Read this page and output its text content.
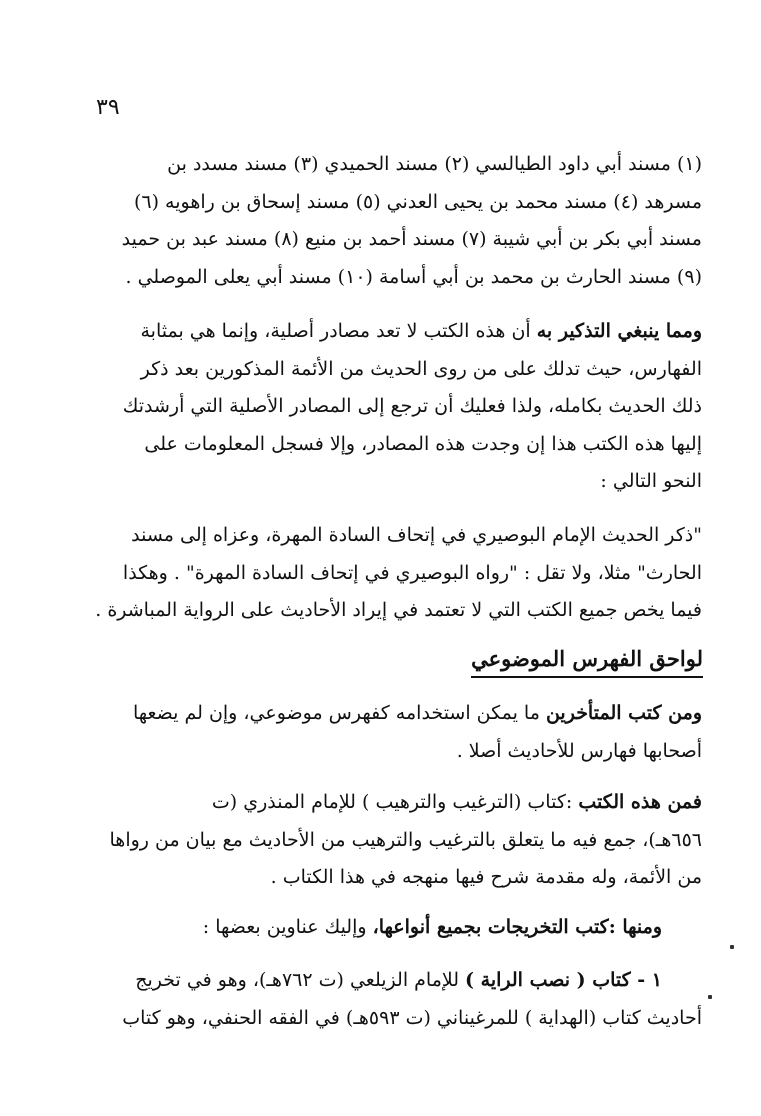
٣٩
(١) مسند أبي داود الطيالسي (٢) مسند الحميدي (٣) مسند مسدد بن
مسرهد (٤) مسند محمد بن يحيى العدني (٥) مسند إسحاق بن راهويه (٦)
مسند أبي بكر بن أبي شيبة (٧) مسند أحمد بن منيع (٨) مسند عبد بن حميد
(٩) مسند الحارث بن محمد بن أبي أسامة (١٠) مسند أبي يعلى الموصلي .
ومما ينبغي التذكير به أن هذه الكتب لا تعد مصادر أصلية، وإنما هي بمثابة
الفهارس، حيث تدلك على من روى الحديث من الأئمة المذكورين بعد ذكر
ذلك الحديث بكامله، ولذا فعليك أن ترجع إلى المصادر الأصلية التي أرشدتك
إليها هذه الكتب هذا إن وجدت هذه المصادر، وإلا فسجل المعلومات على
النحو التالي :
"ذكر الحديث الإمام البوصيري في إتحاف السادة المهرة، وعزاه إلى مسند
الحارث" مثلا، ولا تقل : "رواه البوصيري في إتحاف السادة المهرة" . وهكذا
فيما يخص جميع الكتب التي لا تعتمد في إيراد الأحاديث على الرواية المباشرة .
لواحق الفهرس الموضوعي
ومن كتب المتأخرين ما يمكن استخدامه كفهرس موضوعي، وإن لم يضعها
أصحابها فهارس للأحاديث أصلا .
فمن هذه الكتب :كتاب (الترغيب والترهيب ) للإمام المنذري (ت
٦٥٦هـ)، جمع فيه ما يتعلق بالترغيب والترهيب من الأحاديث مع بيان من رواها
من الأئمة، وله مقدمة شرح فيها منهجه في هذا الكتاب .
ومنها :كتب التخريجات بجميع أنواعها، وإليك عناوين بعضها :
١ - كتاب ( نصب الراية ) للإمام الزيلعي (ت ٧٦٢هـ)، وهو في تخريج
أحاديث كتاب (الهداية ) للمرغيناني (ت ٥٩٣هـ) في الفقه الحنفي، وهو كتاب
